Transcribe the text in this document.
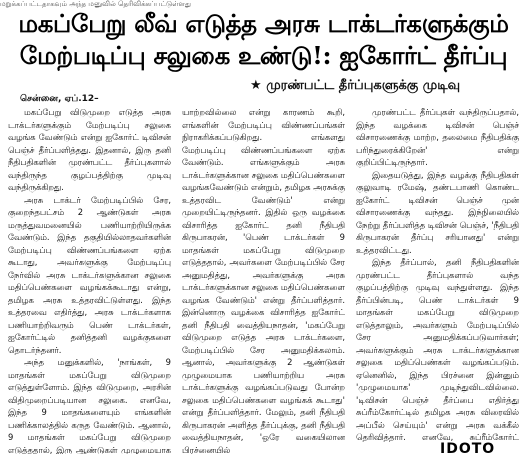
மறுக்கப்பட்டதாகவும் அந்த மனுவில் தெரிவிக்கப்பட்டுள்ளது
மகப்பேறு லீவ் எடுத்த அரசு டாக்டர்களுக்கும்
மேற்படிப்பு சலுகை உண்டு!: ஐகோர்ட் தீர்ப்பு
★ முரண்பட்ட தீர்ப்புகளுக்கு முடிவு
சென்னை, ஏப்.12–

மகப்பேறு விடுமுறை எடுத்த அரசு டாக்டர்களுக்கும் மேற்படிப்பு சலுகை வழங்க வேண்டும் என்று ஐகோர்ட் டிவிசன் பெஞ்ச் தீர்ப்பளித்தது. இதனால், இரு தனி நீதிபதிகளின் முரண்பட்ட தீர்ப்புகளால் வந்திருந்த குழப்பத்திற்கு முடிவு வந்திருக்கிறது.

அரசு டாக்டர் மேற்படிப்பில் சேர, குறைந்தபட்சம் 2 ஆண்டுகள் அரசு மருத்துவமனையில் பணியாற்றியிருக்க வேண்டும். இந்த தகுதியில்லாதவர்களின் மேற்படிப்பு விண்ணப்பங்களை ஏற்க கூடாது, அவர்களுக்கு மேற்படிப்பு நேர்வில் அரசு டாக்டர்களுக்கான சலுகை மதிப்பெண்களை வழங்கக்கூடாது என்று, தமிழக அரசு உத்தரவிட்டுள்ளது. இந்த உத்தரவை எதிர்த்து, அரசு டாக்டர்களாக பணியாற்றிவரும் பெண் டாக்டர்கள், ஐகோர்ட்டில் தனித்தனி வழக்குகளை தொடர்ந்தனர்.

அந்த மனுக்களில், 'நாங்கள், 9 மாதங்கள் மகப்பேறு விடுமுறை எடுத்துள்ளோம். இந்த விடுமுறை, அரசின் விதிமுறைப்படியான சலுகை. எனவே, இந்த 9 மாதங்களையும் எங்களின் பணிக்காலத்தில் கருத வேண்டும். ஆனால், 9 மாதங்கள் மகப்பேறு விடுமுறை எடுத்ததால், இரு ஆண்டுகள் முழுமையாக

யாற்றவில்லை என்று காரணம் கூறி, எங்களின் மேற்படிப்பு விண்ணப்பங்கள் நிராகரிக்கப்படுகிறது. எங்களது மேற்படிப்பு விண்ணப்பங்களை ஏற்க வேண்டும். எங்களுக்கும் அரசு டாக்டர்களுக்கான சலுகை மதிப்பெண்களை வழங்கவேண்டும் என்றும், தமிழக அரசுக்கு உத்தரவிட வேண்டும்' என்று முறையிட்டிருந்தனர். இதில் ஒரு வழக்கை விசாரித்த ஐகோர்ட் தனி நீதிபதி கிருபாகரன், 'பெண் டாக்டர்கள் 9 மாதங்கள் மகப்பேறு விடுமுறை எடுத்ததால், அவர்களை மேற்படிப்பில் சேர அனுமதித்து, அவர்களுக்கு அரசு டாக்டர்களுக்கான சலுகை மதிப்பெண்களை வழங்க வேண்டும்' என்று தீர்ப்பளித்தார். இன்னொரு வழக்கை விசாரித்த ஐகோர்ட் தனி நீதிபதி வைத்தியநாதன், 'மகப்பேறு விடுமுறை எடுத்த அரசு டாக்டர்களை, மேற்படிப்பில் சேர அனுமதிக்கலாம். ஆனால், அவர்களுக்கு 2 ஆண்டுகள் முழுமையாக பணியாற்றிய அரசு டாக்டர்களுக்கு வழங்கப்படுவது போன்ற சலுகை மதிப்பெண்களை வழங்கக் கூடாது' என்று தீர்ப்பளித்தார். மேலும், தனி நீதிபதி கிருபாகரன் அளித்த தீர்ப்புக்கு, தனி நீதிபதி வைத்தியநாதன், 'ஒரே வகையிலான பிரச்னையில்

முரண்பட்ட தீர்ப்புகள் வந்திருப்பதால், இந்த வழக்கை டிவிசன் பெஞ்ச் விசாரணைக்கு மாற்ற, தலைமை நீதிபதிக்கு பரிந்துரைக்கிறேன்' என்று குறிப்பிட்டிருந்தார்.

இதையடுத்து, இந்த வழக்கு நீதிபதிகள் குலுவாடி ரமேஷ், தண்டபாணி கொண்ட ஐகோர்ட் டிவிசன் பெஞ்ச் முன் விசாரணைக்கு வந்தது. இந்நிலையில் நேற்று தீர்ப்பளித்த டிவிசன் பெஞ்ச், 'நீதிபதி கிருபாகரன் தீர்ப்பு சரியானது' என்று உத்தரவிட்டது.

இந்த தீர்ப்பால், தனி நீதிபதிகளின் முரண்பட்ட தீர்ப்புகளால் வந்த குழப்பத்திற்கு முடிவு வந்துள்ளது. இந்த தீர்ப்பின்படி, பெண் டாக்டர்கள் 9 மாதங்கள் மகப்பேறு விடுமுறை எடுத்தாலும், அவர்களும் மேற்படிப்பில் சேர அனுமதிக்கப்படுவார்கள்; அவர்களுக்கும் அரசு டாக்டர்களுக்கான சலுகை மதிப்பெண்கள் வழங்கப்படும். ஏனெனில், இந்த பிரச்னை இன்னும் 'முழுமையாக' முடிந்துவிடவில்லை. 'டிவிசன் பெஞ்ச் தீர்ப்பை எதிர்த்து சுப்ரீம்கோர்ட்டில் தமிழக அரசு விரைவில் அப்பீல் செய்யும்' என்று அரசு வக்கீல் தெரிவித்தார். எனவே, சுப்ரீம்கோர்ட்

IDOTO
